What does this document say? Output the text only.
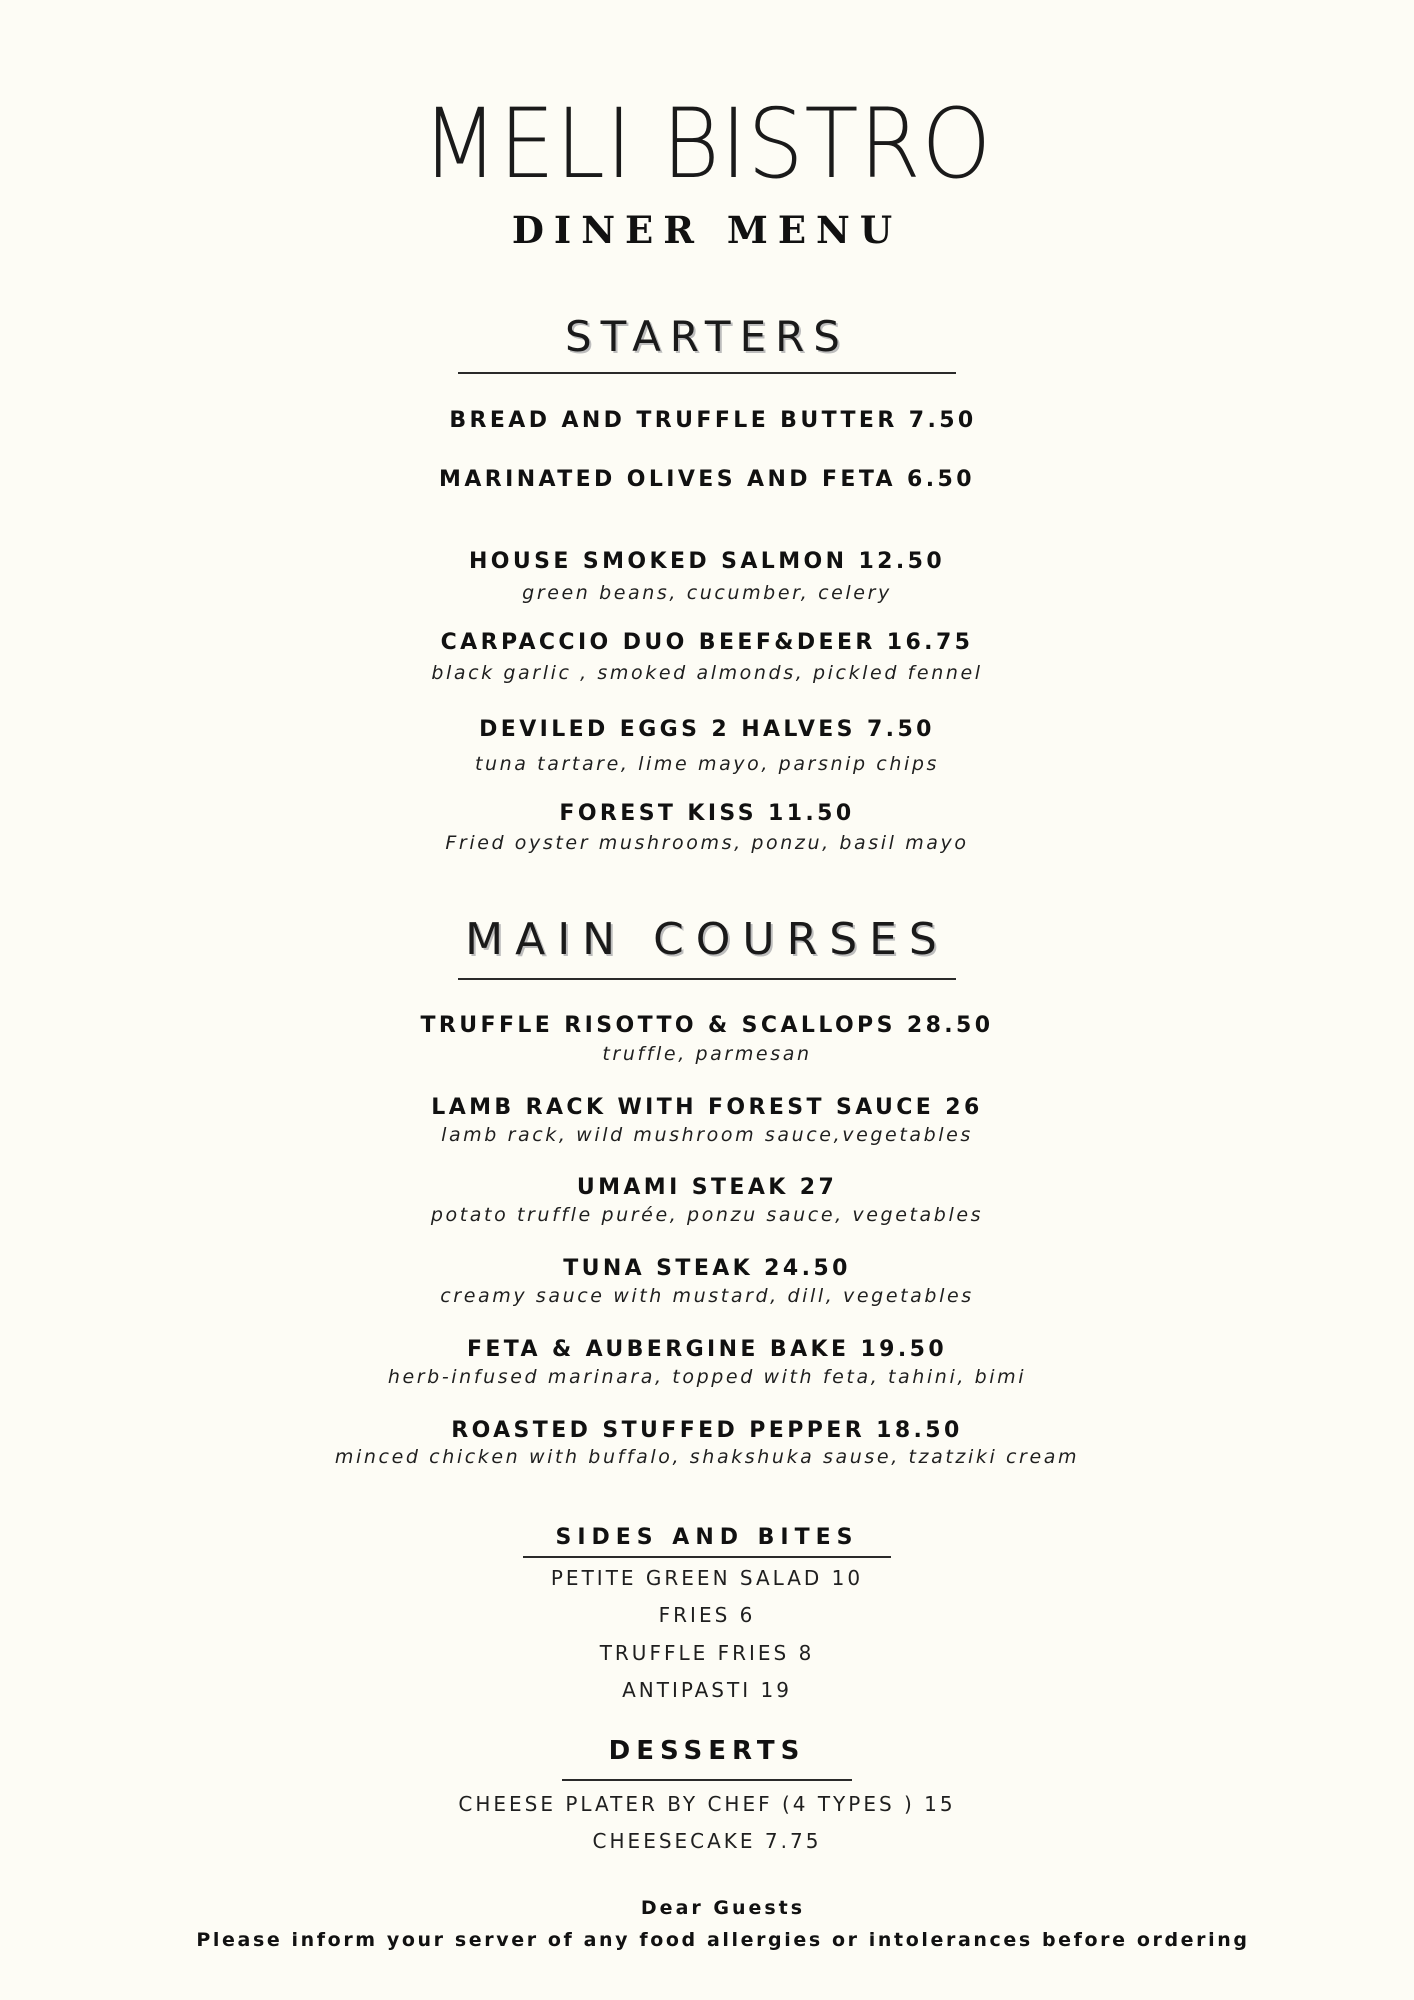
MELI BISTRO
DINER MENU
STARTERS
BREAD AND TRUFFLE BUTTER 7.50
MARINATED OLIVES AND FETA 6.50
HOUSE SMOKED SALMON 12.50
green beans, cucumber, celery
CARPACCIO DUO BEEF&DEER 16.75
black garlic , smoked almonds, pickled fennel
DEVILED EGGS 2 HALVES 7.50
tuna tartare, lime mayo, parsnip chips
FOREST KISS 11.50
Fried oyster mushrooms, ponzu, basil mayo
MAIN COURSES
TRUFFLE RISOTTO & SCALLOPS 28.50
truffle, parmesan
LAMB RACK WITH FOREST SAUCE 26
lamb rack, wild mushroom sauce,vegetables
UMAMI STEAK 27
potato truffle purée, ponzu sauce, vegetables
TUNA STEAK 24.50
creamy sauce with mustard, dill, vegetables
FETA & AUBERGINE BAKE 19.50
herb-infused marinara, topped with feta, tahini, bimi
ROASTED STUFFED PEPPER 18.50
minced chicken with buffalo, shakshuka sause, tzatziki cream
SIDES AND BITES
PETITE GREEN SALAD 10
FRIES 6
TRUFFLE FRIES 8
ANTIPASTI 19
DESSERTS
CHEESE PLATER BY CHEF (4 TYPES ) 15
CHEESECAKE 7.75
Dear Guests
Please inform your server of any food allergies or intolerances before ordering
